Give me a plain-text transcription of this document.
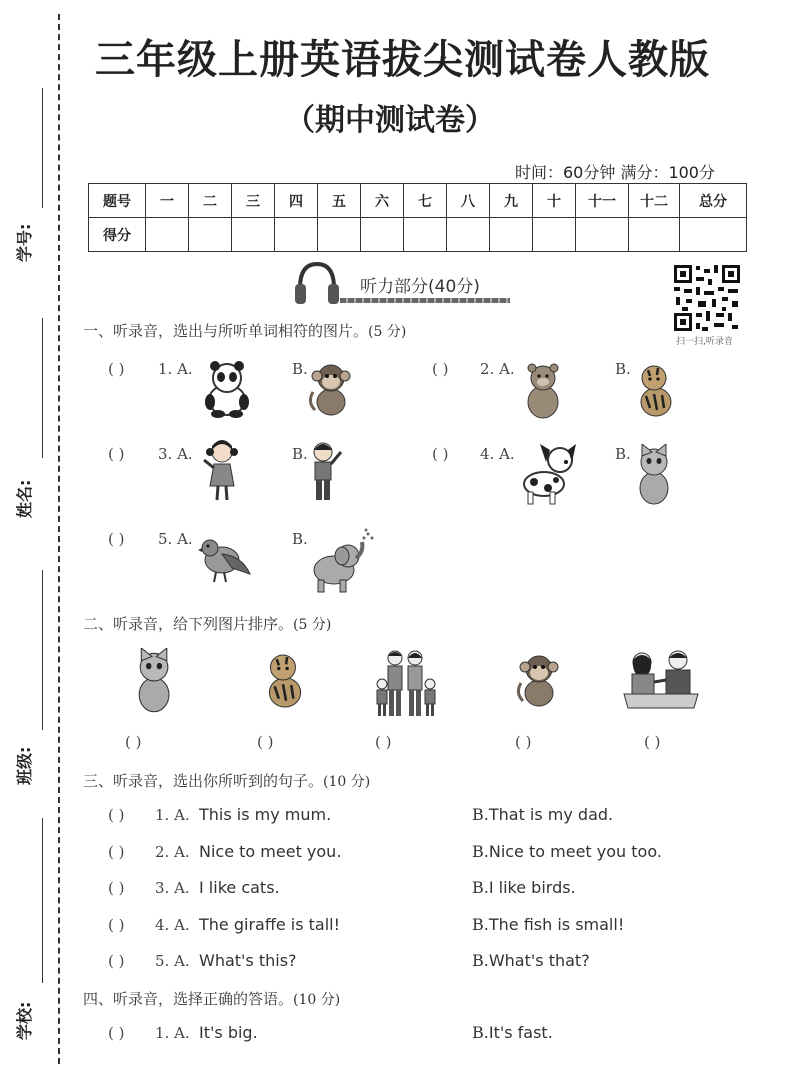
学号:
姓名:
班级:
学校:
三年级上册英语拔尖测试卷人教版
（期中测试卷）
时间：60分钟 满分：100分
题号	一	二	三	四	五	六	七	八	九	十	十一	十二	总分
得分													
听力部分(40分)
扫一扫,听录音
一、听录音，选出与所听单词相符的图片。(5 分)
( ) 1. A.	B.	( ) 2. A.	B.
( ) 3. A.	B.	( ) 4. A.	B.
( ) 5. A.	B.
二、听录音，给下列图片排序。(5 分)
( )	( )	( )	( )	( )
三、听录音，选出你所听到的句子。(10 分)
( ) 1. A. This is my mum.	B.That is my dad.
( ) 2. A. Nice to meet you.	B.Nice to meet you too.
( ) 3. A. I like cats.	B.I like birds.
( ) 4. A. The giraffe is tall!	B.The fish is small!
( ) 5. A. What's this?	B.What's that?
四、听录音，选择正确的答语。(10 分)
( ) 1. A. It's big.	B.It's fast.
